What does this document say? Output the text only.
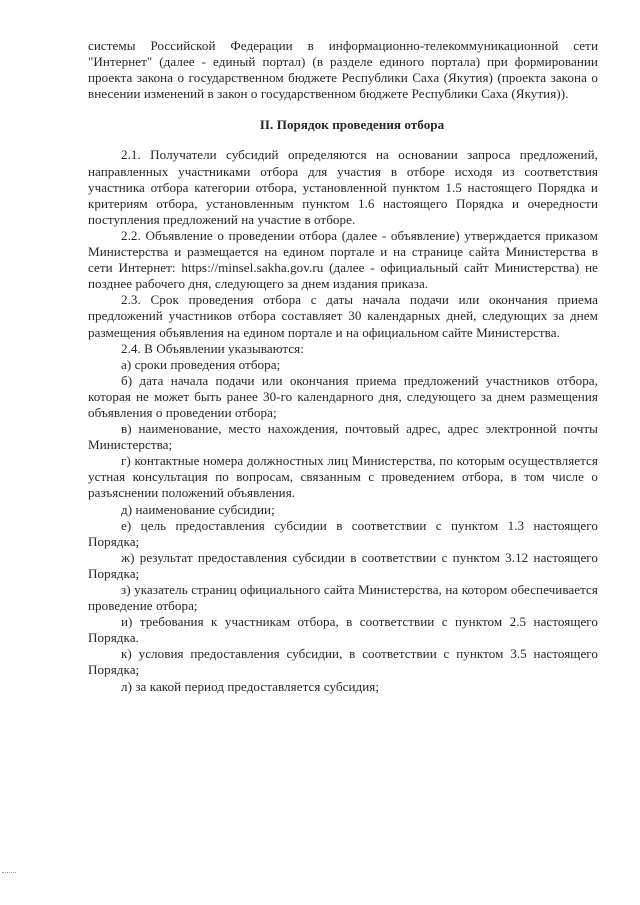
системы Российской Федерации в информационно-телекоммуникационной сети "Интернет" (далее - единый портал) (в разделе единого портала) при формировании проекта закона о государственном бюджете Республики Саха (Якутия) (проекта закона о внесении изменений в закон о государственном бюджете Республики Саха (Якутия)).

II. Порядок проведения отбора

2.1. Получатели субсидий определяются на основании запроса предложений, направленных участниками отбора для участия в отборе исходя из соответствия участника отбора категории отбора, установленной пунктом 1.5 настоящего Порядка и критериям отбора, установленным пунктом 1.6 настоящего Порядка и очередности поступления предложений на участие в отборе.

2.2. Объявление о проведении отбора (далее - объявление) утверждается приказом Министерства и размещается на едином портале и на странице сайта Министерства в сети Интернет: https://minsel.sakha.gov.ru (далее - официальный сайт Министерства) не позднее рабочего дня, следующего за днем издания приказа.

2.3. Срок проведения отбора с даты начала подачи или окончания приема предложений участников отбора составляет 30 календарных дней, следующих за днем размещения объявления на едином портале и на официальном сайте Министерства.

2.4. В Объявлении указываются:

а) сроки проведения отбора;

б) дата начала подачи или окончания приема предложений участников отбора, которая не может быть ранее 30-го календарного дня, следующего за днем размещения объявления о проведении отбора;

в) наименование, место нахождения, почтовый адрес, адрес электронной почты Министерства;

г) контактные номера должностных лиц Министерства, по которым осуществляется устная консультация по вопросам, связанным с проведением отбора, в том числе о разъяснении положений объявления.

д) наименование субсидии;

е) цель предоставления субсидии в соответствии с пунктом 1.3 настоящего Порядка;

ж) результат предоставления субсидии в соответствии с пунктом 3.12 настоящего Порядка;

з) указатель страниц официального сайта Министерства, на котором обеспечивается проведение отбора;

и) требования к участникам отбора, в соответствии с пунктом 2.5 настоящего Порядка.

к) условия предоставления субсидии, в соответствии с пунктом 3.5 настоящего Порядка;

л) за какой период предоставляется субсидия;
